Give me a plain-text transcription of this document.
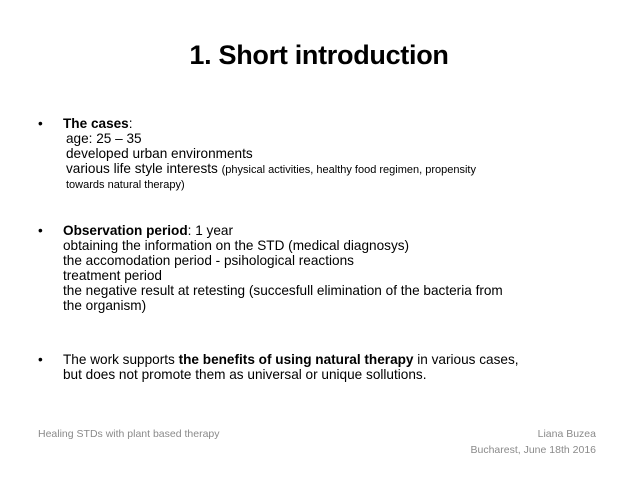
1. Short introduction
• The cases:
age: 25 – 35
developed urban environments
various life style interests (physical activities, healthy food regimen, propensity
towards natural therapy)
• Observation period: 1 year
obtaining the information on the STD (medical diagnosys)
the accomodation period - psihological reactions
treatment period
the negative result at retesting (succesfull elimination of the bacteria from
the organism)
• The work supports the benefits of using natural therapy in various cases,
but does not promote them as universal or unique sollutions.
Healing STDs with plant based therapy	Liana Buzea
Bucharest, June 18th 2016
